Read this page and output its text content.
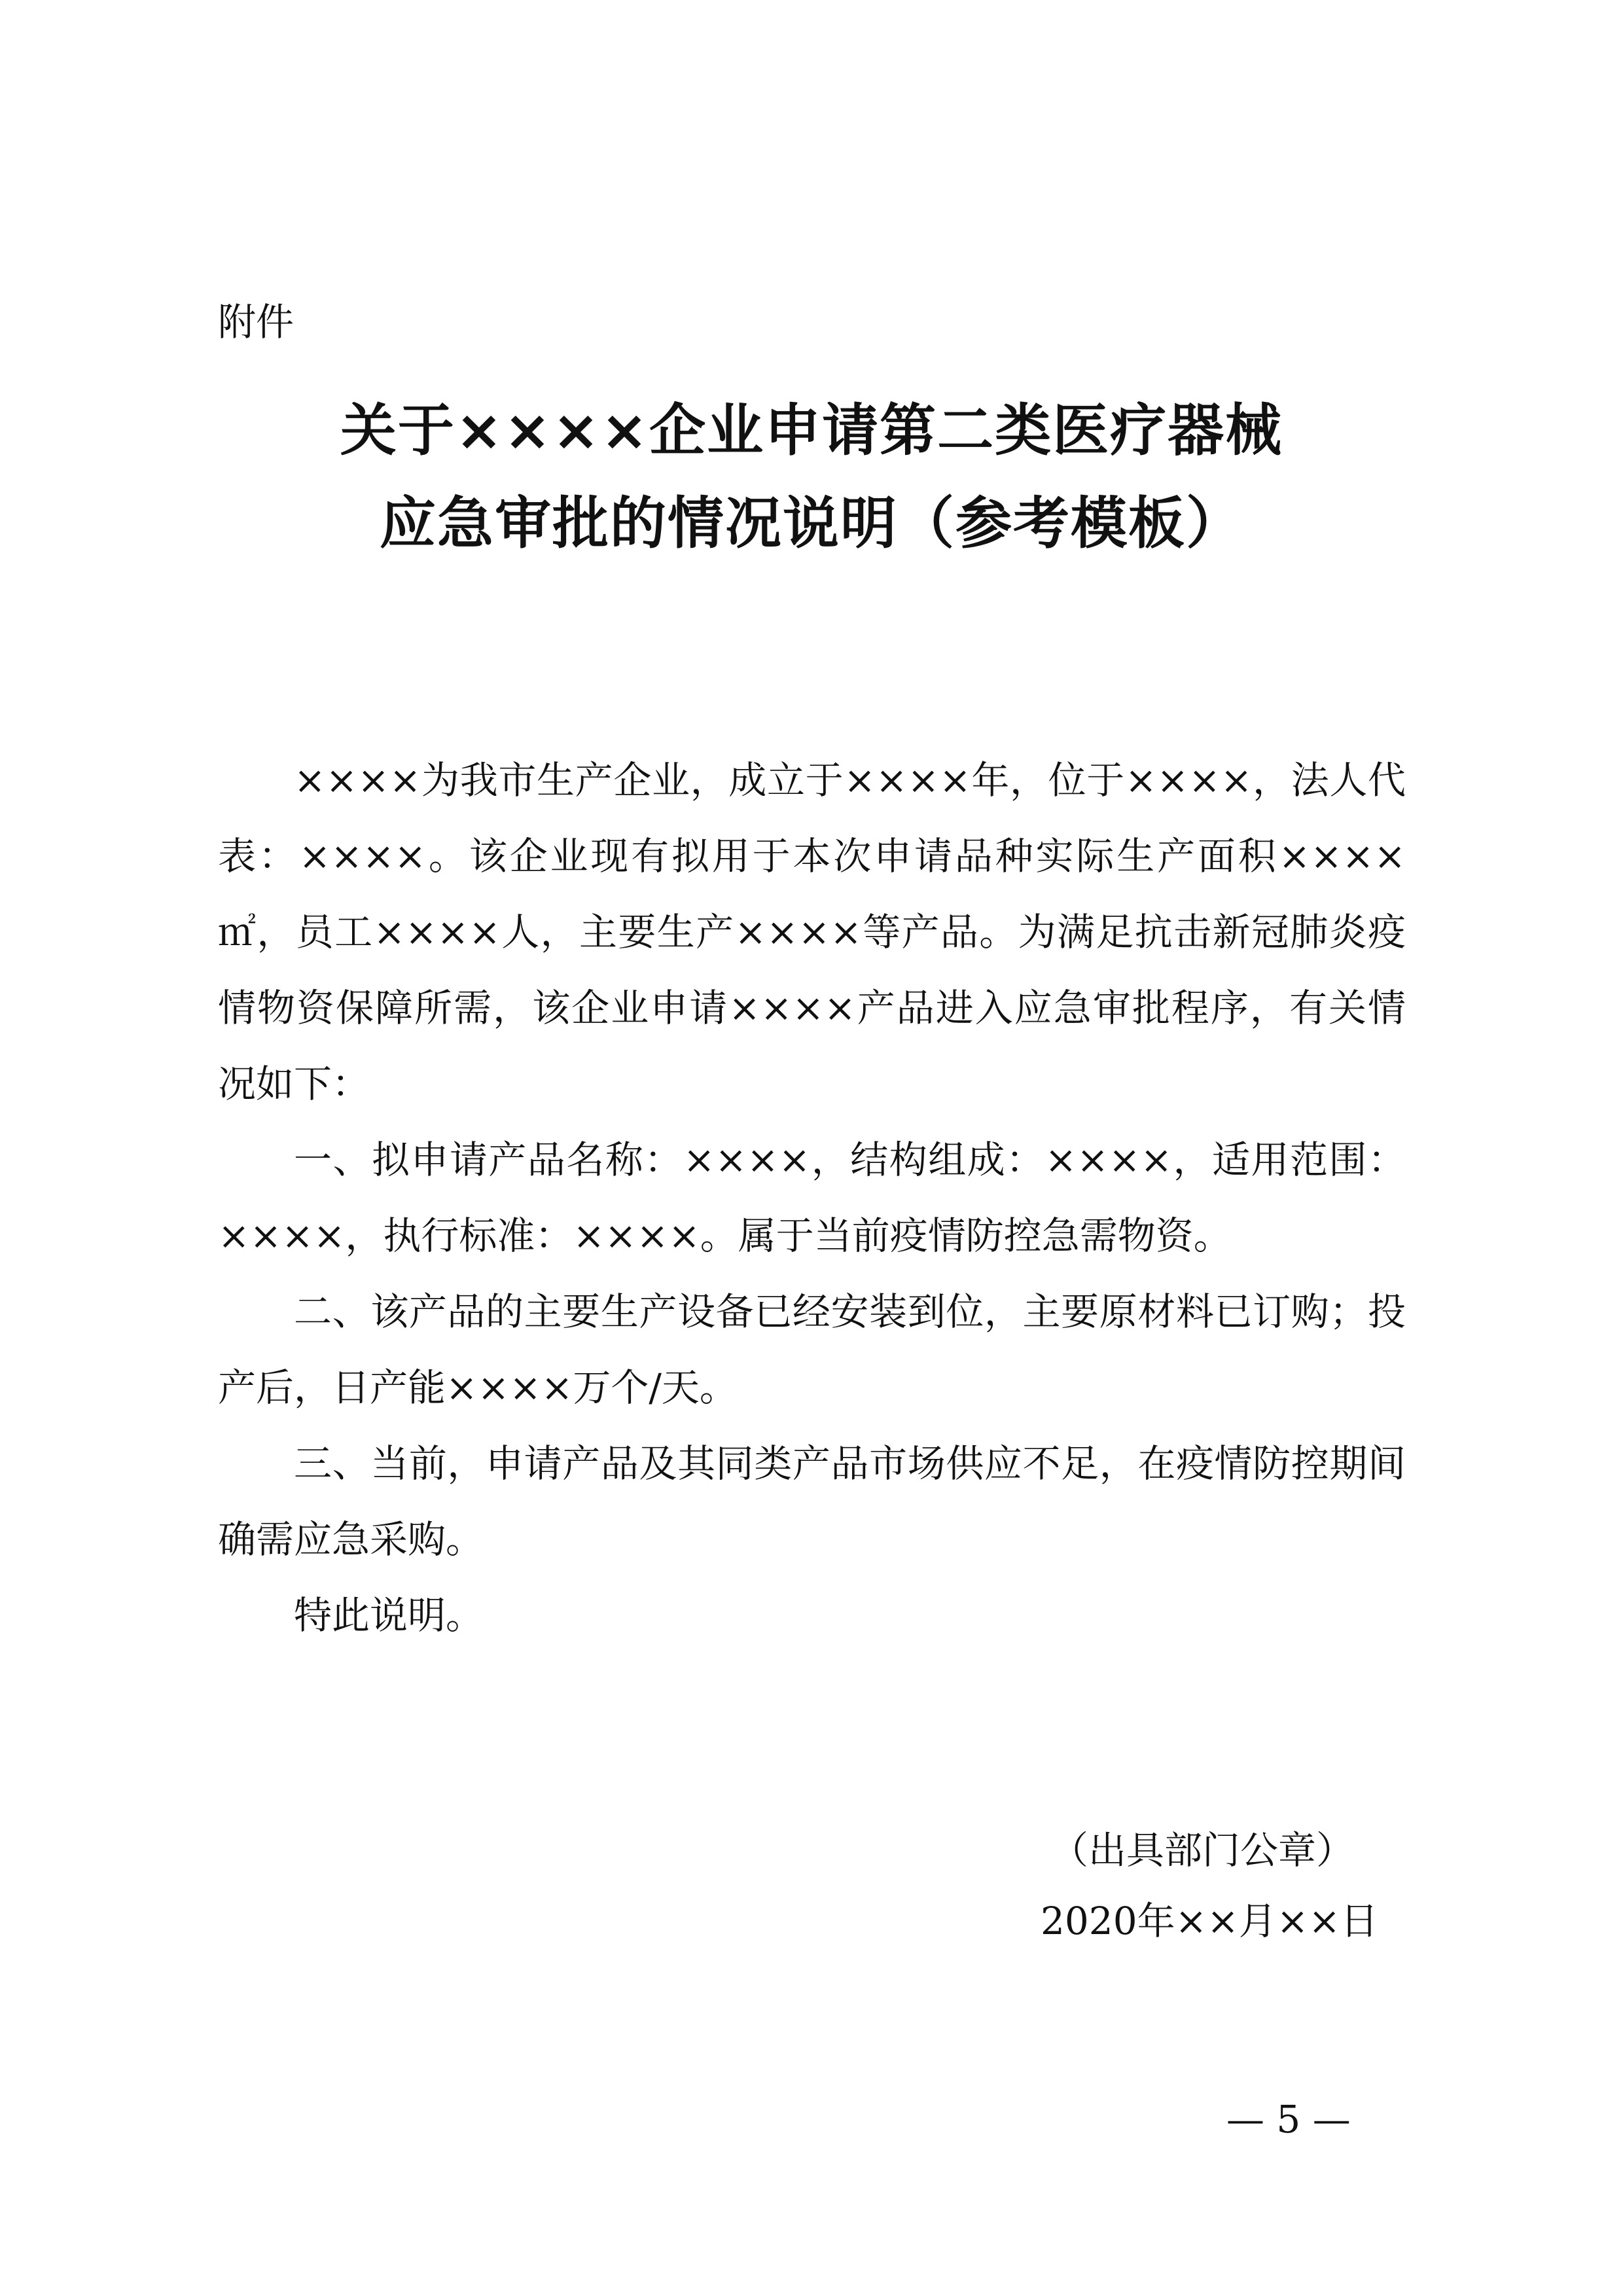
附件
关于××××企业申请第二类医疗器械
应急审批的情况说明（参考模板）

××××为我市生产企业，成立于××××年，位于××××，法人代表：××××。该企业现有拟用于本次申请品种实际生产面积××××㎡，员工××××人，主要生产××××等产品。为满足抗击新冠肺炎疫情物资保障所需，该企业申请××××产品进入应急审批程序，有关情况如下：

一、拟申请产品名称：××××，结构组成：××××，适用范围：××××，执行标准：××××。属于当前疫情防控急需物资。

二、该产品的主要生产设备已经安装到位，主要原材料已订购；投产后，日产能××××万个/天。

三、当前，申请产品及其同类产品市场供应不足，在疫情防控期间确需应急采购。

特此说明。

（出具部门公章）
2020年××月××日
— 5 —
